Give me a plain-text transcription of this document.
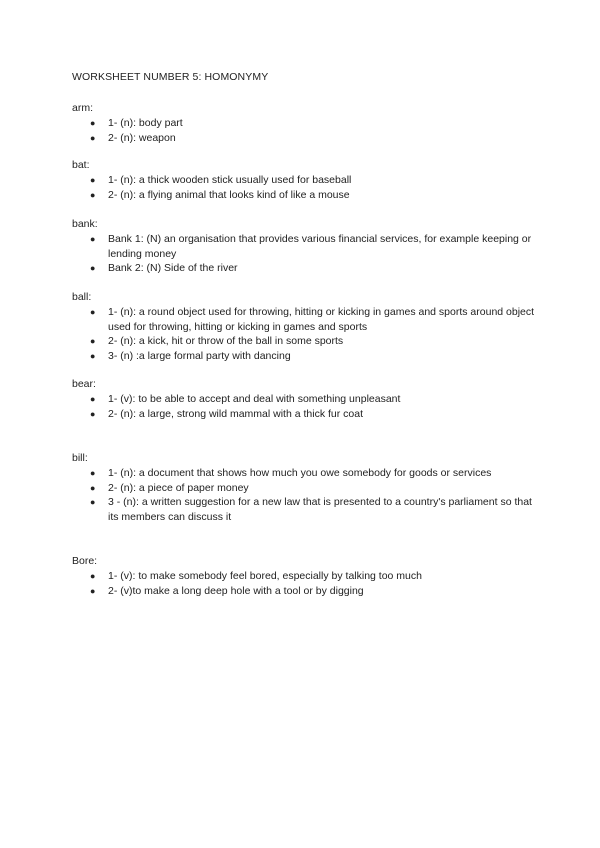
WORKSHEET NUMBER 5: HOMONYMY
arm:
● 1- (n): body part
● 2- (n): weapon
bat:
● 1- (n): a thick wooden stick usually used for baseball
● 2- (n): a flying animal that looks kind of like a mouse
bank:
● Bank 1: (N) an organisation that provides various financial services, for example keeping or lending money
● Bank 2: (N) Side of the river
ball:
● 1- (n): a round object used for throwing, hitting or kicking in games and sports around object used for throwing, hitting or kicking in games and sports
● 2- (n): a kick, hit or throw of the ball in some sports
● 3- (n) :a large formal party with dancing
bear:
● 1- (v): to be able to accept and deal with something unpleasant
● 2- (n): a large, strong wild mammal with a thick fur coat
bill:
● 1- (n): a document that shows how much you owe somebody for goods or services
● 2- (n): a piece of paper money
● 3 - (n): a written suggestion for a new law that is presented to a country's parliament so that its members can discuss it
Bore:
● 1- (v): to make somebody feel bored, especially by talking too much
● 2- (v)to make a long deep hole with a tool or by digging
